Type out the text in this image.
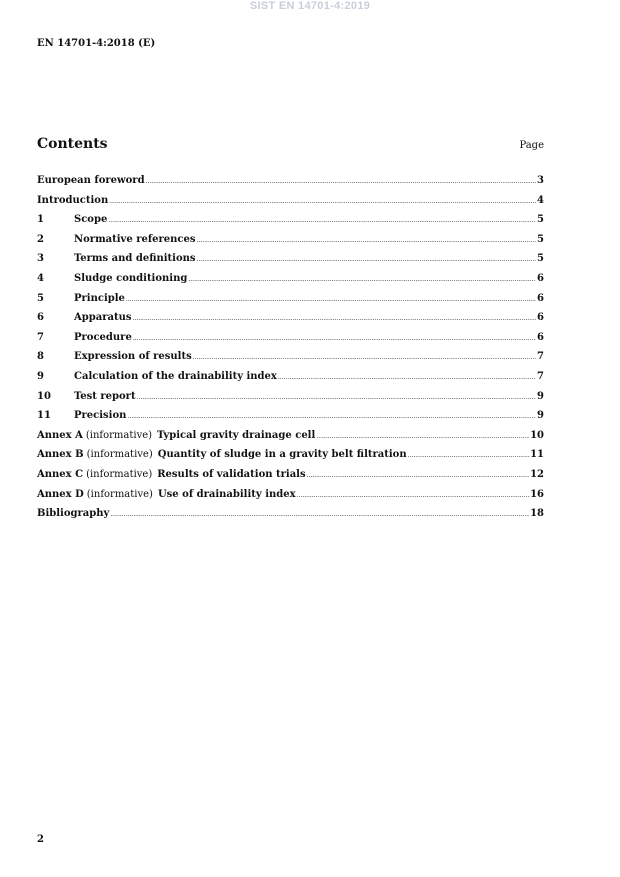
SIST EN 14701-4:2019
EN 14701-4:2018 (E)
Contents	Page
European foreword .....	3
Introduction .....	4
1	Scope .....	5
2	Normative references .....	5
3	Terms and definitions .....	5
4	Sludge conditioning .....	6
5	Principle .....	6
6	Apparatus .....	6
7	Procedure .....	6
8	Expression of results .....	7
9	Calculation of the drainability index .....	7
10	Test report .....	9
11	Precision .....	9
Annex A (informative) Typical gravity drainage cell .....	10
Annex B (informative) Quantity of sludge in a gravity belt filtration .....	11
Annex C (informative) Results of validation trials .....	12
Annex D (informative) Use of drainability index .....	16
Bibliography .....	18
2
